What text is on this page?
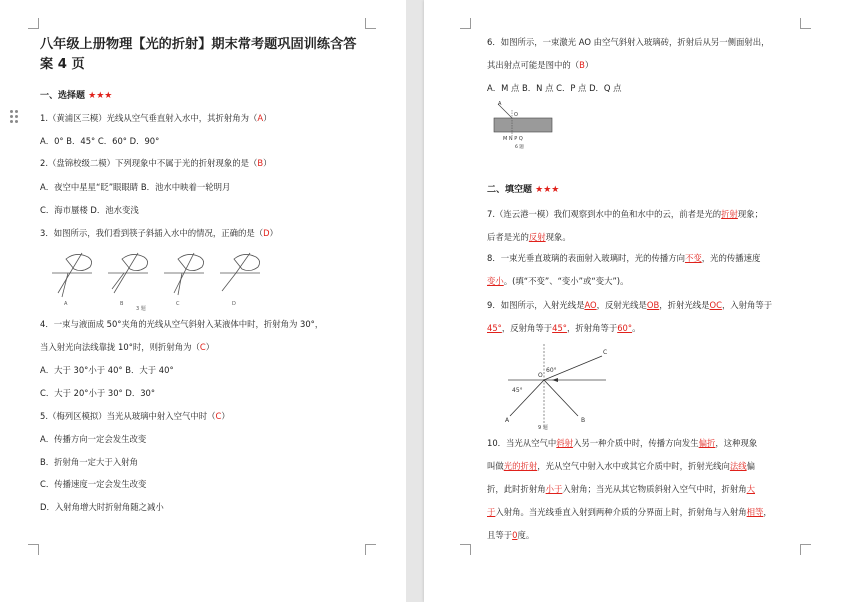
八年级上册物理【光的折射】期末常考题巩固训练含答
案 4 页
一、选择题 ★★★
1.（黄浦区三模）光线从空气垂直射入水中，其折射角为（A）
A．0° B．45° C．60° D．90°
2.（盘锦校级二模）下列现象中不属于光的折射现象的是（B）
A．夜空中星星“眨”眼眼睛 B．池水中映着一轮明月
C．海市蜃楼 D．池水变浅
3．如图所示，我们看到筷子斜插入水中的情况，正确的是（D）
A	B	C	D
3 题
4．一束与液面成 50°夹角的光线从空气斜射入某液体中时，折射角为 30°，
当入射光向法线靠拢 10°时，则折射角为（C）
A．大于 30°小于 40° B．大于 40°
C．大于 20°小于 30° D．30°
5.（梅列区模拟）当光从玻璃中射入空气中时（C）
A．传播方向一定会发生改变
B．折射角一定大于入射角
C．传播速度一定会发生改变
D．入射角增大时折射角随之减小
6．如图所示，一束激光 AO 由空气斜射入玻璃砖，折射后从另一侧面射出，
其出射点可能是图中的（B）
A．M 点 B．N 点 C．P 点 D．Q 点
A
O
M N P Q
6 题
二、填空题 ★★★
7.（连云港一模）我们观察到水中的鱼和水中的云，前者是光的折射现象；
后者是光的反射现象。
8．一束光垂直玻璃的表面射入玻璃时，光的传播方向不变，光的传播速度
变小。(填“不变”、“变小”或“变大”)。
9．如图所示，入射光线是AO，反射光线是OB，折射光线是OC，入射角等于
45°，反射角等于45°，折射角等于60°。
60°
45°
O
A	B
C
9 题
10．当光从空气中斜射入另一种介质中时，传播方向发生偏折，这种现象
叫做光的折射，光从空气中射入水中或其它介质中时，折射光线向法线偏
折，此时折射角小于入射角；当光从其它物质斜射入空气中时，折射角大
于入射角。当光线垂直入射到两种介质的分界面上时，折射角与入射角相等，
且等于0度。
